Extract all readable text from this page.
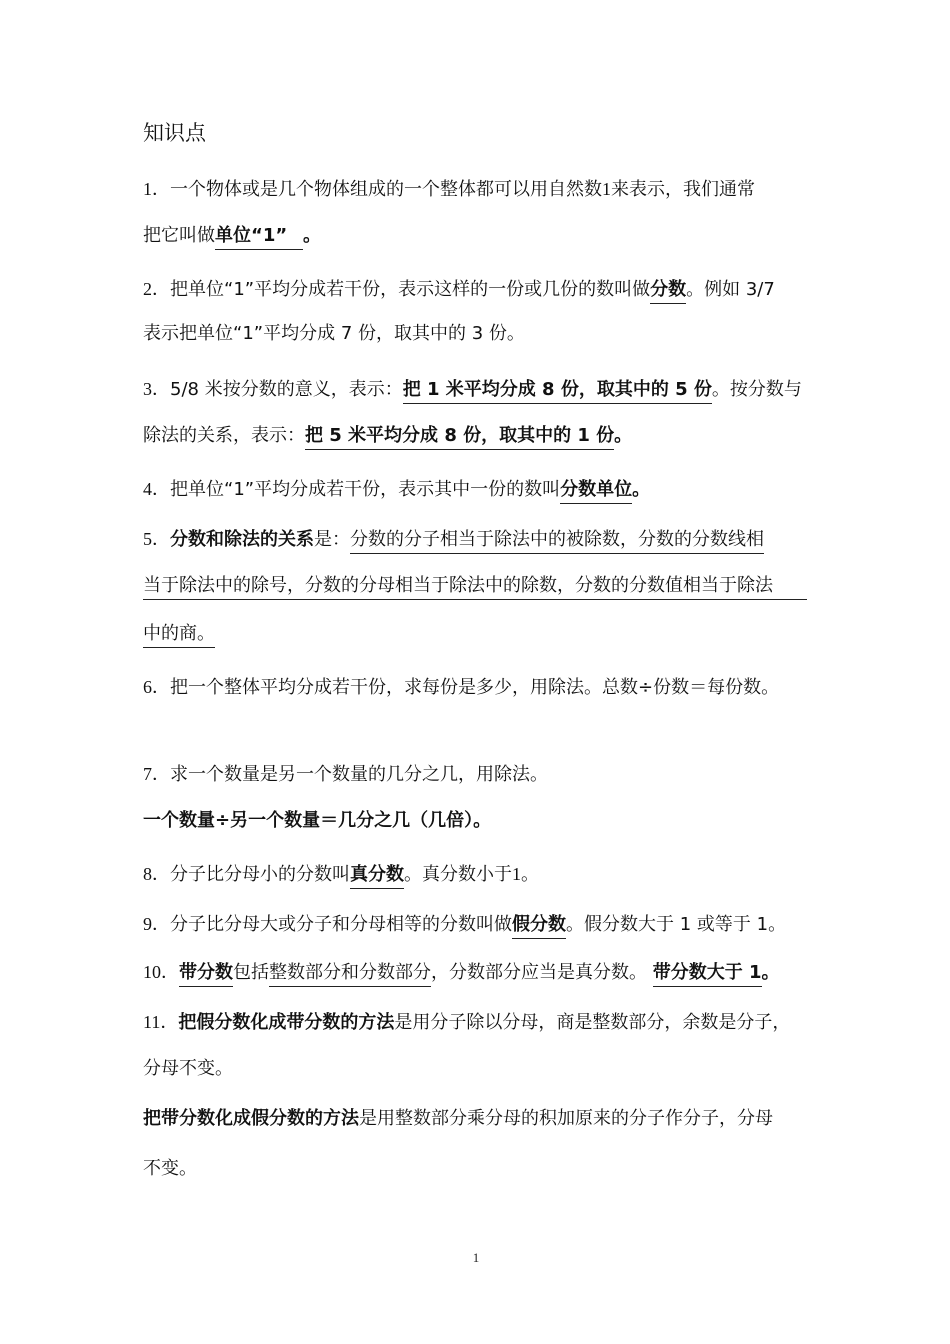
知识点
1．一个物体或是几个物体组成的一个整体都可以用自然数1来表示，我们通常
把它叫做单位“1” 。
2．把单位“1”平均分成若干份，表示这样的一份或几份的数叫做分数。例如 3/7
表示把单位“1”平均分成 7 份，取其中的 3 份。
3．5/8 米按分数的意义，表示：把 1 米平均分成 8 份，取其中的 5 份。按分数与
除法的关系，表示：把 5 米平均分成 8 份，取其中的 1 份。
4．把单位“1”平均分成若干份，表示其中一份的数叫分数单位。
5．分数和除法的关系是：分数的分子相当于除法中的被除数，分数的分数线相
当于除法中的除号，分数的分母相当于除法中的除数，分数的分数值相当于除法
中的商。
6．把一个整体平均分成若干份，求每份是多少，用除法。总数÷份数＝每份数。
7．求一个数量是另一个数量的几分之几，用除法。
一个数量÷另一个数量＝几分之几（几倍）。
8．分子比分母小的分数叫真分数。真分数小于1。
9．分子比分母大或分子和分母相等的分数叫做假分数。假分数大于 1 或等于 1。
10．带分数包括整数部分和分数部分，分数部分应当是真分数。 带分数大于 1。
11．把假分数化成带分数的方法是用分子除以分母，商是整数部分，余数是分子，
分母不变。
把带分数化成假分数的方法是用整数部分乘分母的积加原来的分子作分子，分母
不变。
1
